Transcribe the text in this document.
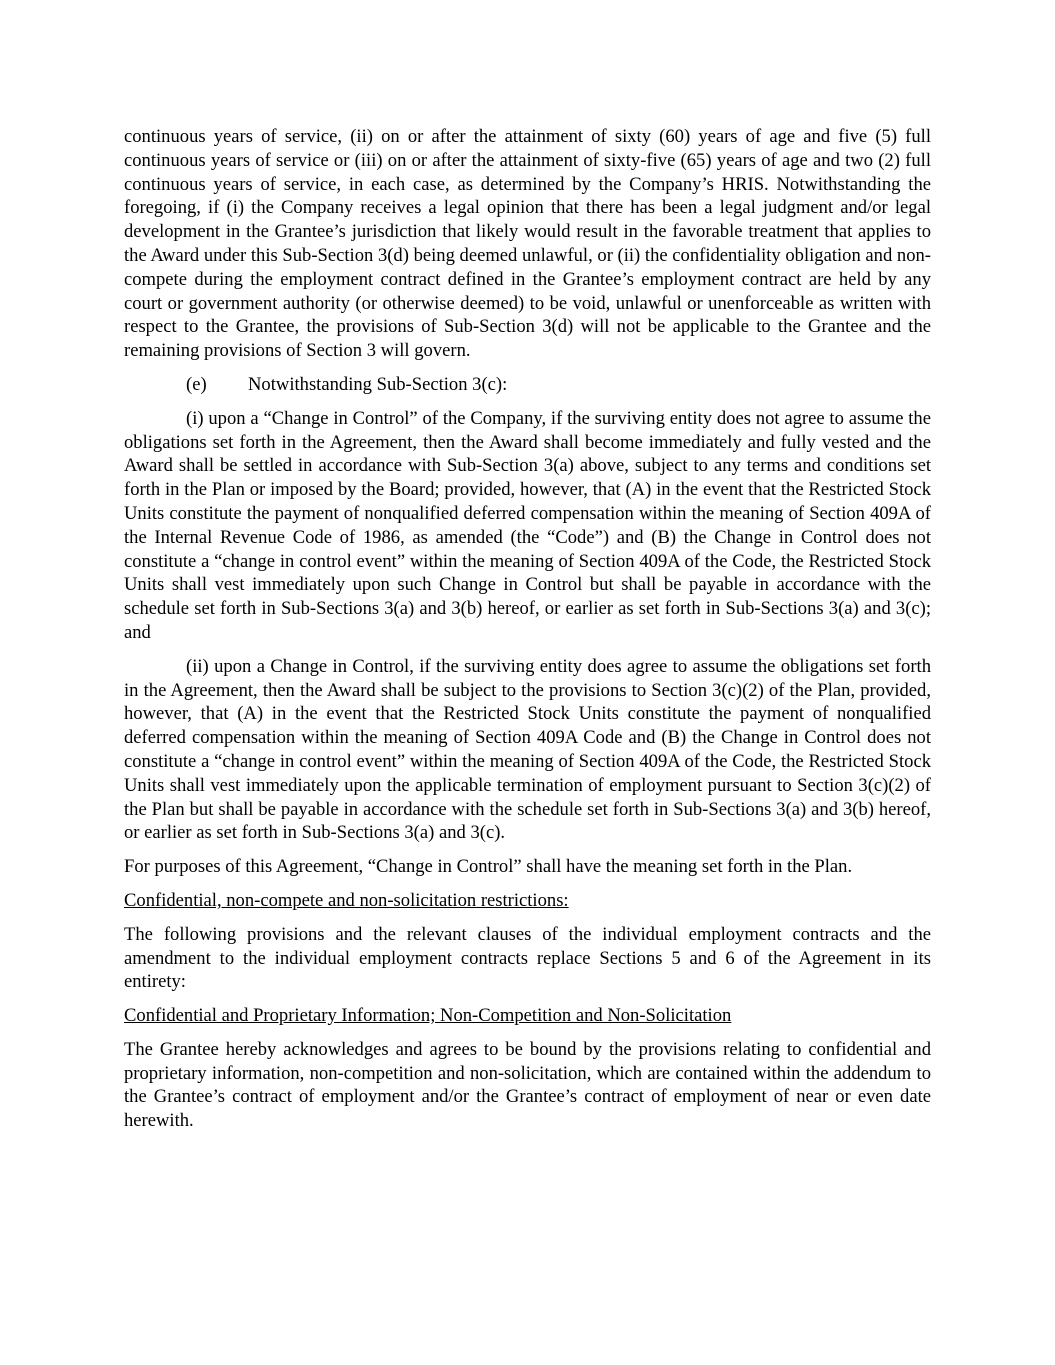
continuous years of service, (ii) on or after the attainment of sixty (60) years of age and five (5) full continuous years of service or (iii) on or after the attainment of sixty-five (65) years of age and two (2) full continuous years of service, in each case, as determined by the Company’s HRIS. Notwithstanding the foregoing, if (i) the Company receives a legal opinion that there has been a legal judgment and/or legal development in the Grantee’s jurisdiction that likely would result in the favorable treatment that applies to the Award under this Sub-Section 3(d) being deemed unlawful, or (ii) the confidentiality obligation and non-compete during the employment contract defined in the Grantee’s employment contract are held by any court or government authority (or otherwise deemed) to be void, unlawful or unenforceable as written with respect to the Grantee, the provisions of Sub-Section 3(d) will not be applicable to the Grantee and the remaining provisions of Section 3 will govern.

(e) Notwithstanding Sub-Section 3(c):

(i) upon a “Change in Control” of the Company, if the surviving entity does not agree to assume the obligations set forth in the Agreement, then the Award shall become immediately and fully vested and the Award shall be settled in accordance with Sub-Section 3(a) above, subject to any terms and conditions set forth in the Plan or imposed by the Board; provided, however, that (A) in the event that the Restricted Stock Units constitute the payment of nonqualified deferred compensation within the meaning of Section 409A of the Internal Revenue Code of 1986, as amended (the “Code”) and (B) the Change in Control does not constitute a “change in control event” within the meaning of Section 409A of the Code, the Restricted Stock Units shall vest immediately upon such Change in Control but shall be payable in accordance with the schedule set forth in Sub-Sections 3(a) and 3(b) hereof, or earlier as set forth in Sub-Sections 3(a) and 3(c); and

(ii) upon a Change in Control, if the surviving entity does agree to assume the obligations set forth in the Agreement, then the Award shall be subject to the provisions to Section 3(c)(2) of the Plan, provided, however, that (A) in the event that the Restricted Stock Units constitute the payment of nonqualified deferred compensation within the meaning of Section 409A Code and (B) the Change in Control does not constitute a “change in control event” within the meaning of Section 409A of the Code, the Restricted Stock Units shall vest immediately upon the applicable termination of employment pursuant to Section 3(c)(2) of the Plan but shall be payable in accordance with the schedule set forth in Sub-Sections 3(a) and 3(b) hereof, or earlier as set forth in Sub-Sections 3(a) and 3(c).

For purposes of this Agreement, “Change in Control” shall have the meaning set forth in the Plan.

Confidential, non-compete and non-solicitation restrictions:

The following provisions and the relevant clauses of the individual employment contracts and the amendment to the individual employment contracts replace Sections 5 and 6 of the Agreement in its entirety:

Confidential and Proprietary Information; Non-Competition and Non-Solicitation

The Grantee hereby acknowledges and agrees to be bound by the provisions relating to confidential and proprietary information, non-competition and non-solicitation, which are contained within the addendum to the Grantee’s contract of employment and/or the Grantee’s contract of employment of near or even date herewith.
